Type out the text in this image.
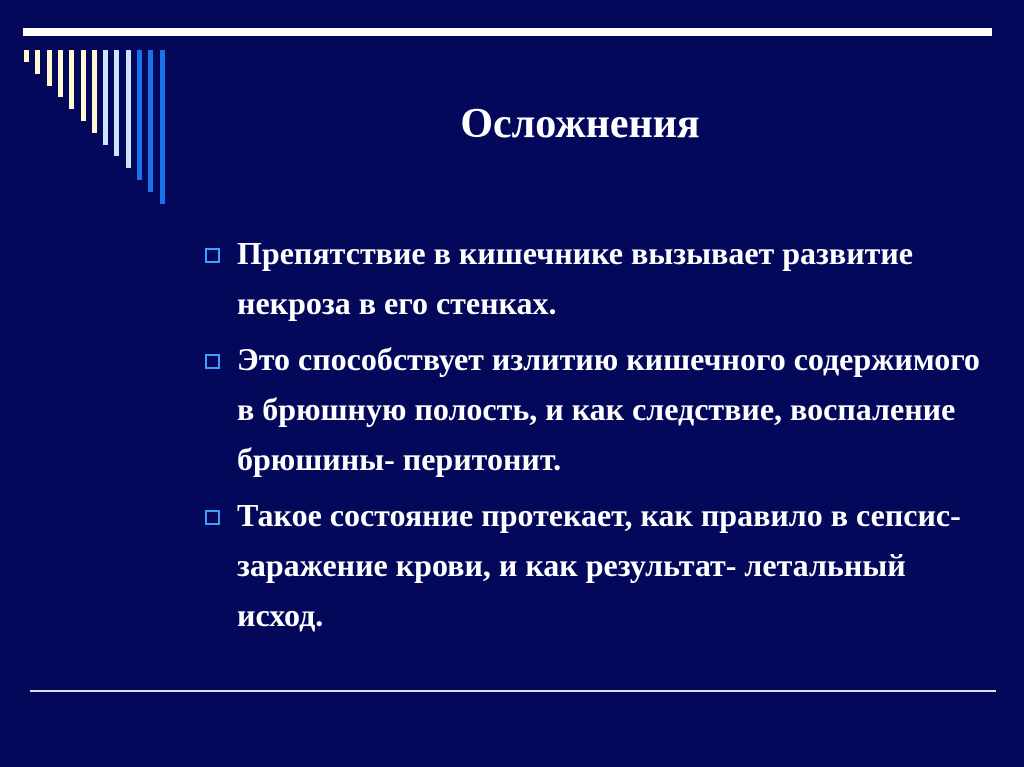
Осложнения
Препятствие в кишечнике вызывает развитие некроза в его стенках.
Это способствует излитию кишечного содержимого в брюшную полость, и как следствие, воспаление брюшины- перитонит.
Такое состояние протекает, как правило в сепсис- заражение крови, и как результат- летальный исход.
